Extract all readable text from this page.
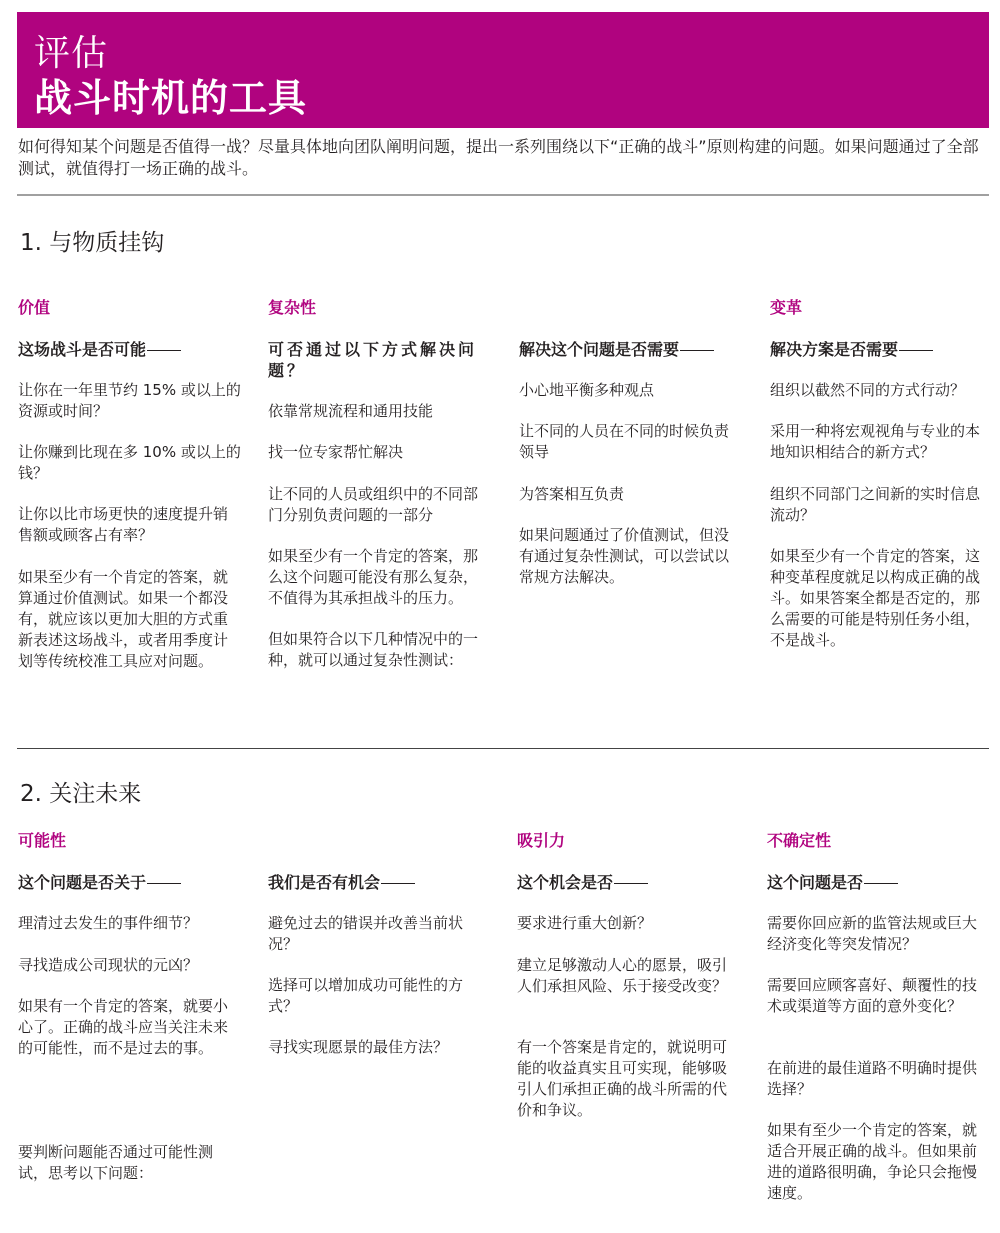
评估
战斗时机的工具
如何得知某个问题是否值得一战？尽量具体地向团队阐明问题，提出一系列围绕以下“正确的战斗”原则构建的问题。如果问题通过了全部测试，就值得打一场正确的战斗。
1. 与物质挂钩
价值
这场战斗是否可能
让你在一年里节约 15% 或以上的资源或时间？
让你赚到比现在多 10% 或以上的钱？
让你以比市场更快的速度提升销售额或顾客占有率？
如果至少有一个肯定的答案，就算通过价值测试。如果一个都没有，就应该以更加大胆的方式重新表述这场战斗，或者用季度计划等传统校准工具应对问题。
复杂性
可否通过以下方式解决问题？
依靠常规流程和通用技能
找一位专家帮忙解决
让不同的人员或组织中的不同部门分别负责问题的一部分
如果至少有一个肯定的答案，那么这个问题可能没有那么复杂，不值得为其承担战斗的压力。
但如果符合以下几种情况中的一种，就可以通过复杂性测试：
解决这个问题是否需要
小心地平衡多种观点
让不同的人员在不同的时候负责领导
为答案相互负责
如果问题通过了价值测试，但没有通过复杂性测试，可以尝试以常规方法解决。
变革
解决方案是否需要
组织以截然不同的方式行动？
采用一种将宏观视角与专业的本地知识相结合的新方式？
组织不同部门之间新的实时信息流动？
如果至少有一个肯定的答案，这种变革程度就足以构成正确的战斗。如果答案全都是否定的，那么需要的可能是特别任务小组，不是战斗。
2. 关注未来
可能性
这个问题是否关于
理清过去发生的事件细节？
寻找造成公司现状的元凶？
如果有一个肯定的答案，就要小心了。正确的战斗应当关注未来的可能性，而不是过去的事。
要判断问题能否通过可能性测试，思考以下问题：
我们是否有机会
避免过去的错误并改善当前状况？
选择可以增加成功可能性的方式？
寻找实现愿景的最佳方法？
吸引力
这个机会是否
要求进行重大创新？
建立足够激动人心的愿景，吸引人们承担风险、乐于接受改变？
有一个答案是肯定的，就说明可能的收益真实且可实现，能够吸引人们承担正确的战斗所需的代价和争议。
不确定性
这个问题是否
需要你回应新的监管法规或巨大经济变化等突发情况？
需要回应顾客喜好、颠覆性的技术或渠道等方面的意外变化？
在前进的最佳道路不明确时提供选择？
如果有至少一个肯定的答案，就适合开展正确的战斗。但如果前进的道路很明确，争论只会拖慢速度。
